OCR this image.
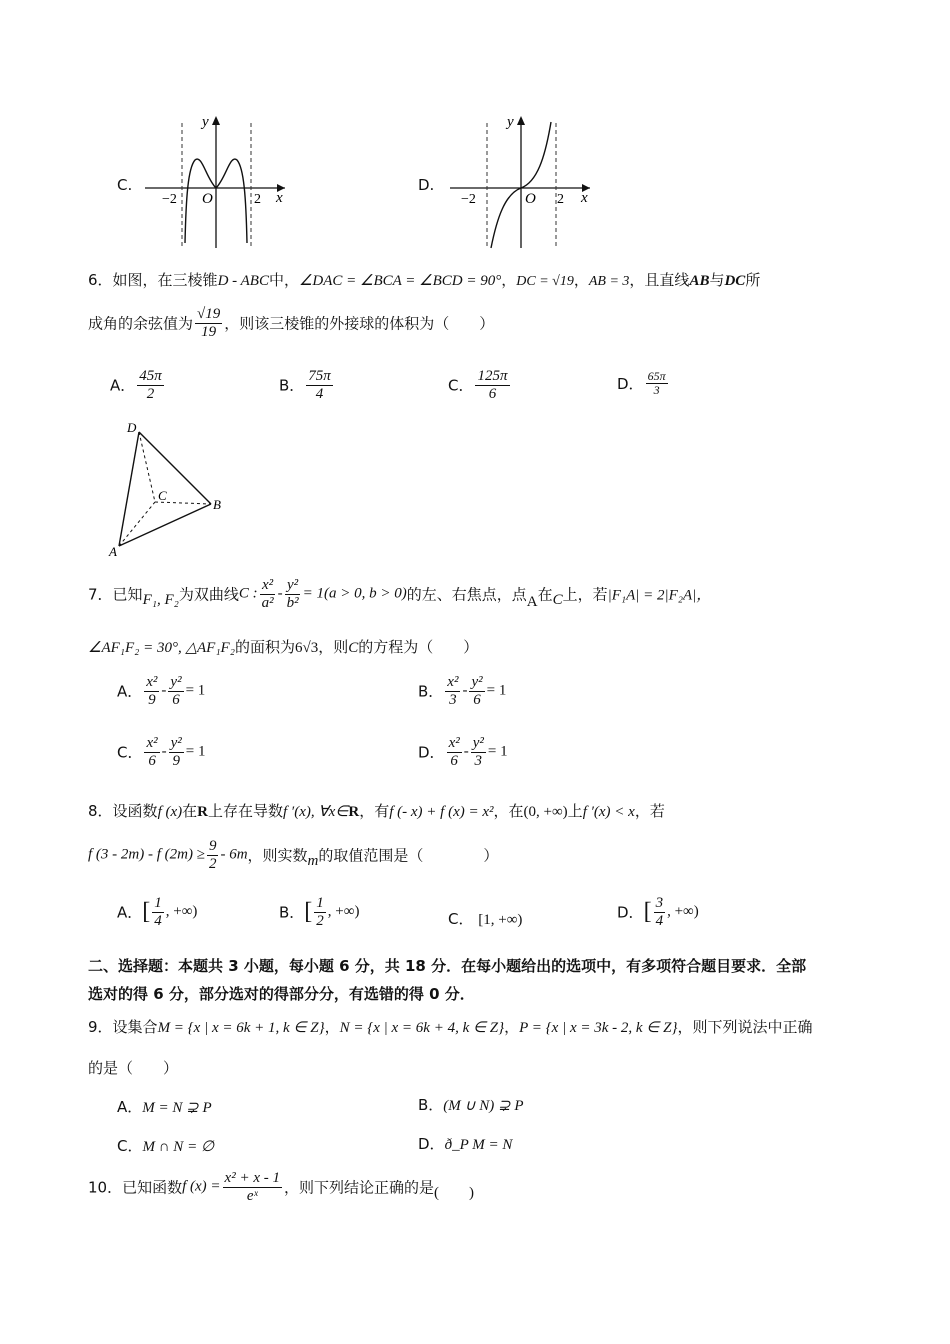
C.
y
x
O
−2	2
D.
y
x
O
−2	2
6．如图，在三棱锥D - ABC中，∠DAC = ∠BCA = ∠BCD = 90°，DC = √19，AB = 3，且直线AB与DC所
成角的余弦值为 $\frac{√19}{19}$ ，则该三棱锥的外接球的体积为（　　）
A． $\frac{45\pi}{2}$	B． $\frac{75\pi}{4}$	C． $\frac{125\pi}{6}$	D． $\frac{65\pi}{3}$
D
C
B
A
7．已知F₁, F₂为双曲线C : $\frac{\text{x²}}{\text{a²}} - \frac{\text{y²}}{\text{b²}} = 1(a > 0$, b > 0)的左、右焦点，点A在C上，若|F₁A| = 2|F₂A|，
∠AF₁F₂ = 30°, △AF₁F₂的面积为6√3，则C的方程为（　　）
A． $\frac{\text{x²}}{9} - \frac{\text{y²}}{6} = 1$	B． $\frac{\text{x²}}{3} - \frac{\text{y²}}{6} = 1$
C． $\frac{\text{x²}}{6} - \frac{\text{y²}}{9} = 1$	D． $\frac{\text{x²}}{6} - \frac{\text{y²}}{3} = 1$
8．设函数f (x)在R上存在导数f ′(x), ∀x∈R，有f (- x) + f (x) = x²，在(0, +∞)上f ′(x) < x，若
f (3 - 2m) - f $(2m) \ge \frac{9}{2} - 6m$，则实数m的取值范围是（　　　　）
A．[ $\frac{1}{4}$ , +∞)	B．[ $\frac{1}{2}$ , +∞)	C． [1, +∞)	D．[ $\frac{3}{4}$ , +∞)
二、选择题：本题共 3 小题，每小题 6 分，共 18 分．在每小题给出的选项中，有多项符合题目要求．全部
选对的得 6 分，部分选对的得部分分，有选错的得 0 分．
9．设集合M = {x | x = 6k + 1, k ∈ Z}，N = {x | x = 6k + 4, k ∈ Z}，P = {x | x = 3k - 2, k ∈ Z}，则下列说法中正确
的是（　　）
A．M = N ⊋ P	B．(M ∪ N) ⊋ P
C．M ∩ N = ∅	D．ð_P M = N
10．已知函数f $(x) = \frac{\text{x² + x - 1}}{\text{eˣ}}$ ，则下列结论正确的是(　　)
